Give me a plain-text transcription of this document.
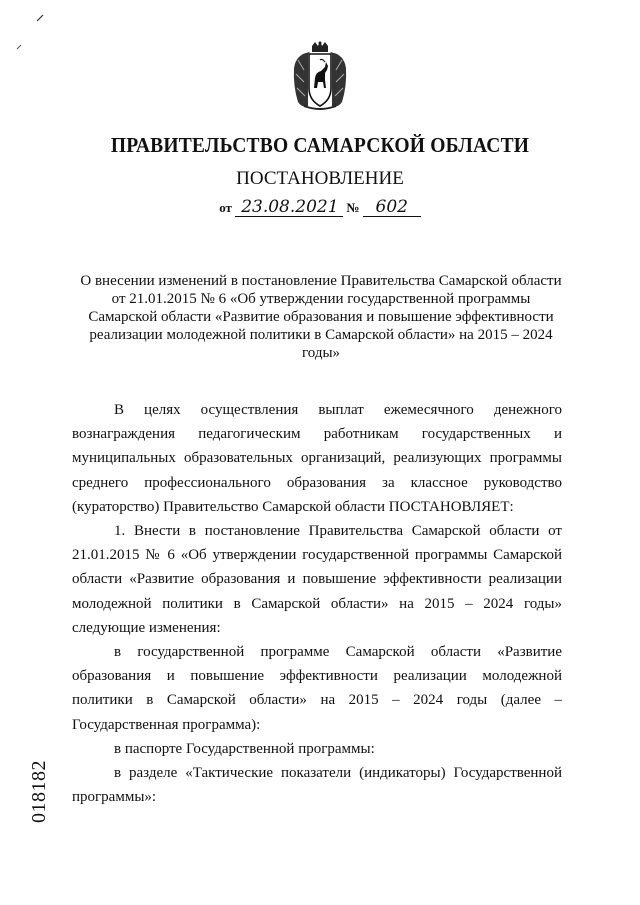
ПРАВИТЕЛЬСТВО САМАРСКОЙ ОБЛАСТИ
ПОСТАНОВЛЕНИЕ
от 23.08.2021 № 602
О внесении изменений в постановление Правительства Самарской области от 21.01.2015 № 6 «Об утверждении государственной программы Самарской области «Развитие образования и повышение эффективности реализации молодежной политики в Самарской области» на 2015 – 2024 годы»

В целях осуществления выплат ежемесячного денежного вознаграждения педагогическим работникам государственных и муниципальных образовательных организаций, реализующих программы среднего профессионального образования за классное руководство (кураторство) Правительство Самарской области ПОСТАНОВЛЯЕТ:

1. Внести в постановление Правительства Самарской области от 21.01.2015 № 6 «Об утверждении государственной программы Самарской области «Развитие образования и повышение эффективности реализации молодежной политики в Самарской области» на 2015 – 2024 годы» следующие изменения:

в государственной программе Самарской области «Развитие образования и повышение эффективности реализации молодежной политики в Самарской области» на 2015 – 2024 годы (далее – Государственная программа):

в паспорте Государственной программы:

в разделе «Тактические показатели (индикаторы) Государственной программы»:

018182
